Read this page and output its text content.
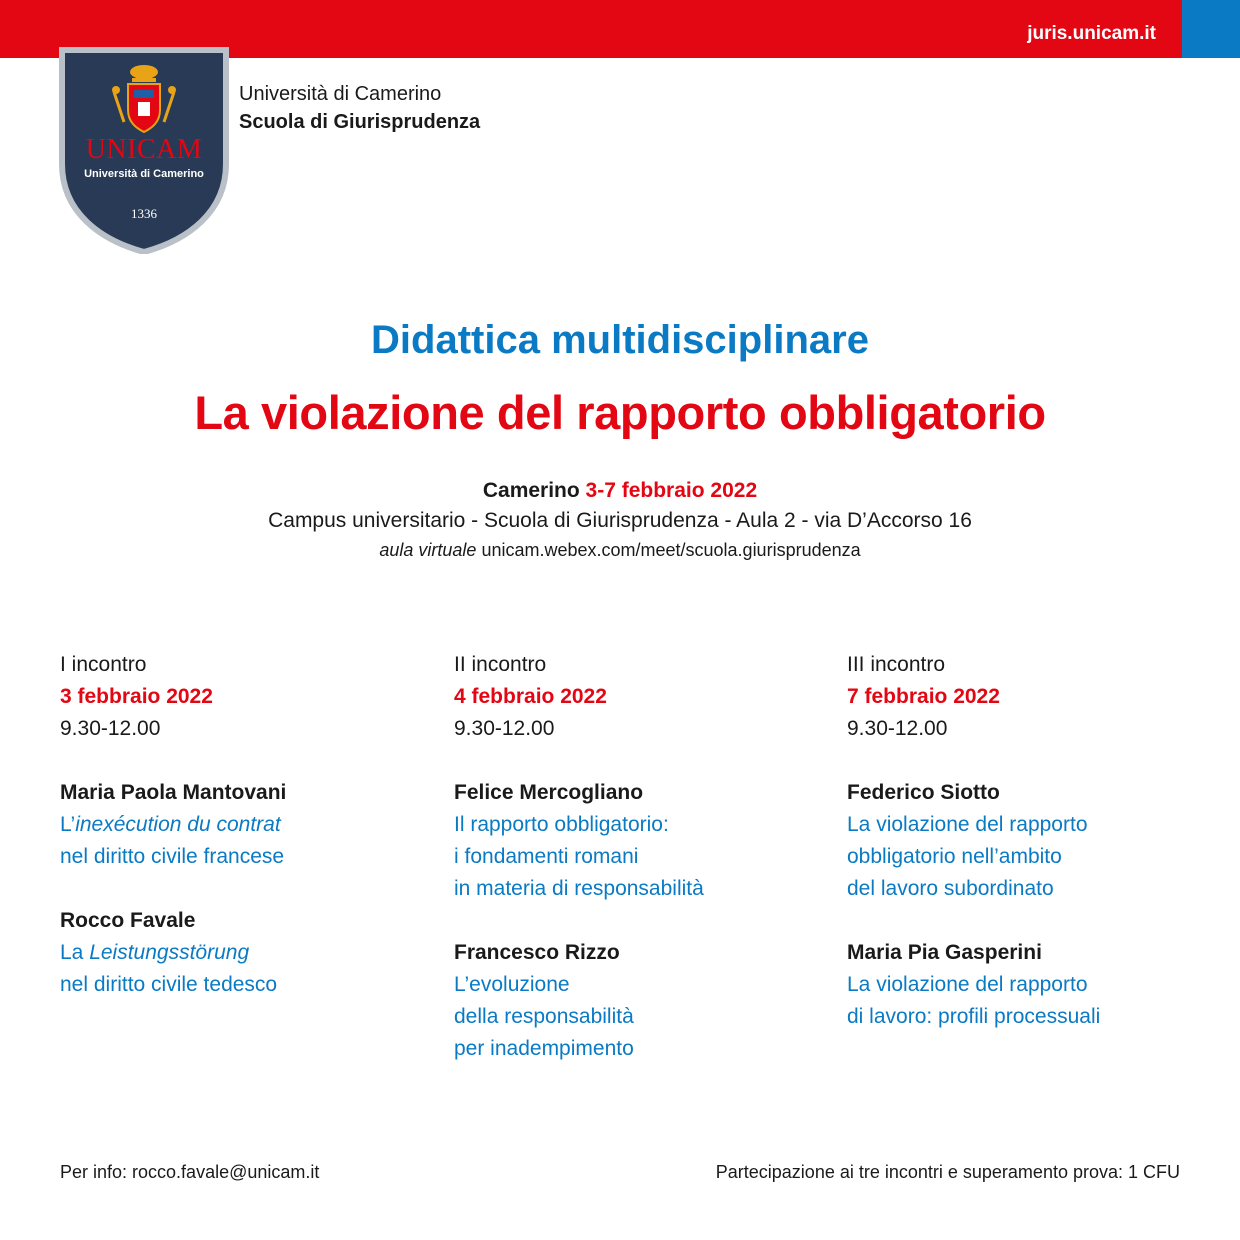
juris.unicam.it
UNICAM
Università di Camerino
1336
Università di Camerino
Scuola di Giurisprudenza
Didattica multidisciplinare
La violazione del rapporto obbligatorio
Camerino 3-7 febbraio 2022
Campus universitario - Scuola di Giurisprudenza - Aula 2 - via D’Accorso 16
aula virtuale unicam.webex.com/meet/scuola.giurisprudenza
I incontro
3 febbraio 2022
9.30-12.00
Maria Paola Mantovani
L’inexécution du contrat
nel diritto civile francese
Rocco Favale
La Leistungsstörung
nel diritto civile tedesco
II incontro
4 febbraio 2022
9.30-12.00
Felice Mercogliano
Il rapporto obbligatorio:
i fondamenti romani
in materia di responsabilità
Francesco Rizzo
L’evoluzione
della responsabilità
per inadempimento
III incontro
7 febbraio 2022
9.30-12.00
Federico Siotto
La violazione del rapporto
obbligatorio nell’ambito
del lavoro subordinato
Maria Pia Gasperini
La violazione del rapporto
di lavoro: profili processuali
Per info: rocco.favale@unicam.it	Partecipazione ai tre incontri e superamento prova: 1 CFU
